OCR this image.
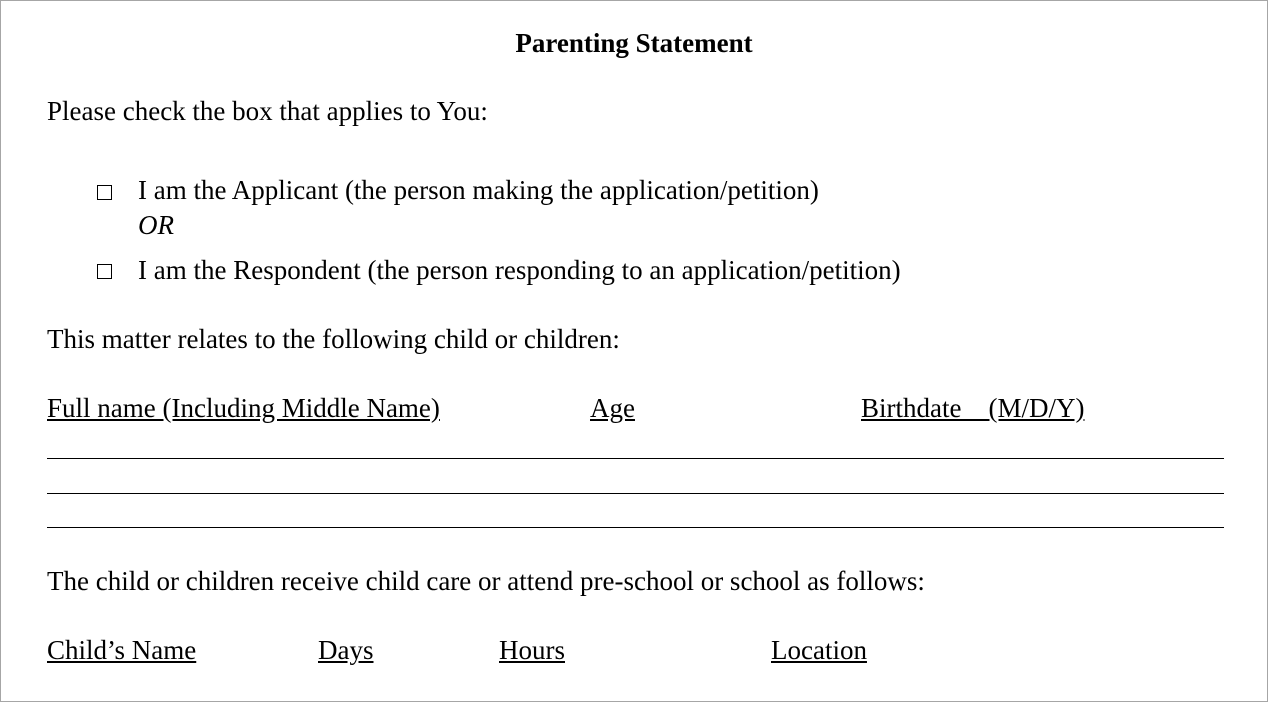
Parenting Statement
Please check the box that applies to You:
I am the Applicant (the person making the application/petition)
OR
I am the Respondent (the person responding to an application/petition)
This matter relates to the following child or children:
Full name (Including Middle Name)	Age	Birthdate    (M/D/Y)
The child or children receive child care or attend pre-school or school as follows:
Child’s Name	Days	Hours	Location
